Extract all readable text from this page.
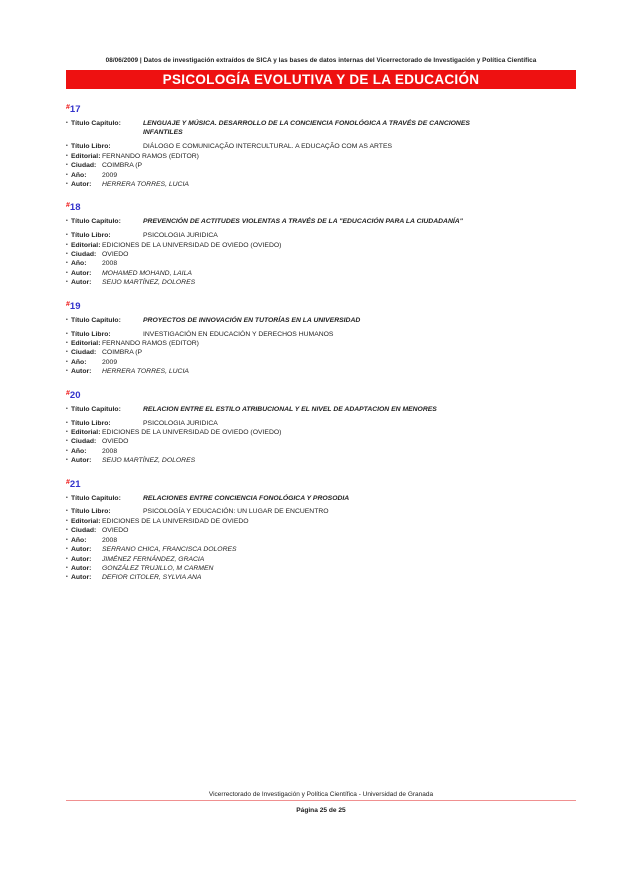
08/06/2009 | Datos de investigación extraídos de SICA y las bases de datos internas del Vicerrectorado de Investigación y Política Científica
PSICOLOGÍA EVOLUTIVA Y DE LA EDUCACIÓN
#17
• Título Capítulo:	LENGUAJE Y MÚSICA. DESARROLLO DE LA CONCIENCIA FONOLÓGICA A TRAVÉS DE CANCIONES INFANTILES
• Título Libro:	DIÁLOGO E COMUNICAÇÃO INTERCULTURAL. A EDUCAÇÃO COM AS ARTES
• Editorial: FERNANDO RAMOS (EDITOR)
• Ciudad: COIMBRA (P
• Año:	2009
• Autor:	HERRERA TORRES, LUCIA
#18
• Título Capítulo:	PREVENCIÓN DE ACTITUDES VIOLENTAS A TRAVÉS DE LA "EDUCACIÓN PARA LA CIUDADANÍA"
• Título Libro:	PSICOLOGIA JURIDICA
• Editorial: EDICIONES DE LA UNIVERSIDAD DE OVIEDO (OVIEDO)
• Ciudad: OVIEDO
• Año:	2008
• Autor:	MOHAMED MOHAND, LAILA
• Autor:	SEIJO MARTÍNEZ, DOLORES
#19
• Título Capítulo:	PROYECTOS DE INNOVACIÓN EN TUTORÍAS EN LA UNIVERSIDAD
• Título Libro:	INVESTIGACIÓN EN EDUCACIÓN Y DERECHOS HUMANOS
• Editorial: FERNANDO RAMOS (EDITOR)
• Ciudad: COIMBRA (P
• Año:	2009
• Autor:	HERRERA TORRES, LUCIA
#20
• Título Capítulo:	RELACION ENTRE EL ESTILO ATRIBUCIONAL Y EL NIVEL DE ADAPTACION EN MENORES
• Título Libro:	PSICOLOGIA JURIDICA
• Editorial: EDICIONES DE LA UNIVERSIDAD DE OVIEDO (OVIEDO)
• Ciudad: OVIEDO
• Año:	2008
• Autor:	SEIJO MARTÍNEZ, DOLORES
#21
• Título Capítulo:	RELACIONES ENTRE CONCIENCIA FONOLÓGICA Y PROSODIA
• Título Libro:	PSICOLOGÍA Y EDUCACIÓN: UN LUGAR DE ENCUENTRO
• Editorial: EDICIONES DE LA UNIVERSIDAD DE OVIEDO
• Ciudad: OVIEDO
• Año:	2008
• Autor:	SERRANO CHICA, FRANCISCA DOLORES
• Autor:	JIMÉNEZ FERNÁNDEZ, GRACIA
• Autor:	GONZÁLEZ TRUJILLO, M CARMEN
• Autor:	DEFIOR CITOLER, SYLVIA ANA
Vicerrectorado de Investigación y Política Científica - Universidad de Granada
Página 25 de 25
